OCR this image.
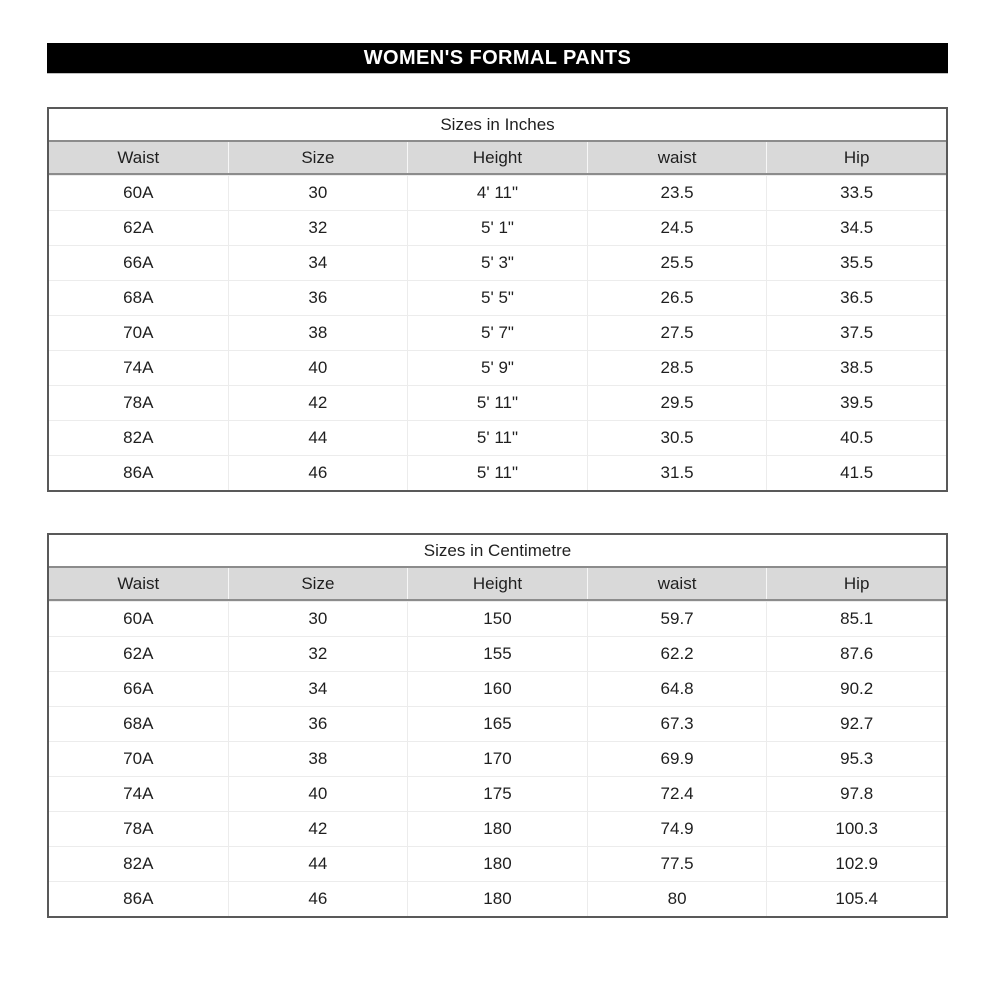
WOMEN'S FORMAL PANTS
Sizes in Inches
Waist	Size	Height	waist	Hip
60A	30	4' 11"	23.5	33.5
62A	32	5' 1"	24.5	34.5
66A	34	5' 3"	25.5	35.5
68A	36	5' 5"	26.5	36.5
70A	38	5' 7"	27.5	37.5
74A	40	5' 9"	28.5	38.5
78A	42	5' 11"	29.5	39.5
82A	44	5' 11"	30.5	40.5
86A	46	5' 11"	31.5	41.5
Sizes in Centimetre
Waist	Size	Height	waist	Hip
60A	30	150	59.7	85.1
62A	32	155	62.2	87.6
66A	34	160	64.8	90.2
68A	36	165	67.3	92.7
70A	38	170	69.9	95.3
74A	40	175	72.4	97.8
78A	42	180	74.9	100.3
82A	44	180	77.5	102.9
86A	46	180	80	105.4
